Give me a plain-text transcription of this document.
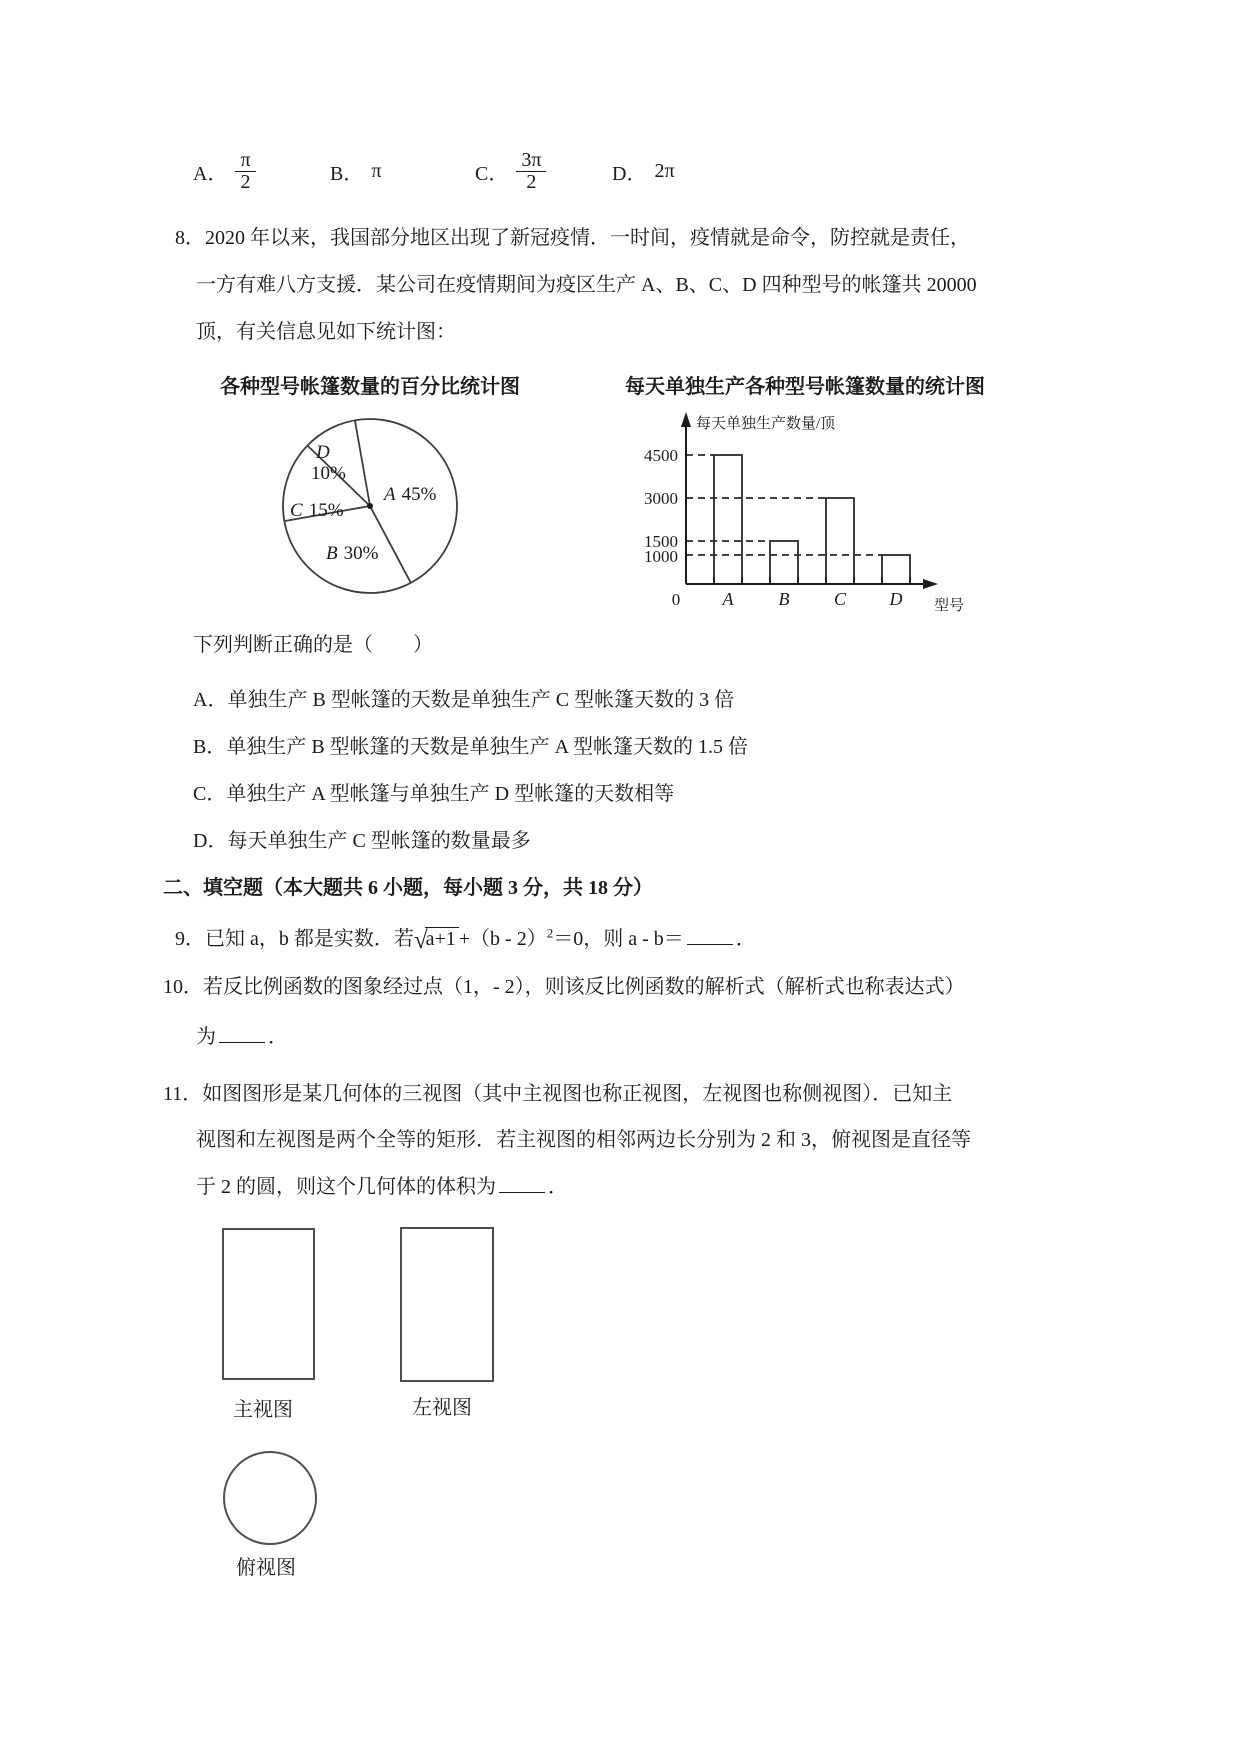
A． $\frac{\pi}{2}$	B． π	C． $\frac{3\pi}{2}$	D． 2π
8．2020 年以来，我国部分地区出现了新冠疫情．一时间，疫情就是命令，防控就是责任，
一方有难八方支援．某公司在疫情期间为疫区生产 A、B、C、D 四种型号的帐篷共 20000
顶，有关信息见如下统计图：
各种型号帐篷数量的百分比统计图
A 45%
B 30%
C 15%
D
10%
每天单独生产各种型号帐篷数量的统计图
每天单独生产数量/顶
4500
3000
1500
1000
0 A	B C D 型号
下列判断正确的是（　　）
A．单独生产 B 型帐篷的天数是单独生产 C 型帐篷天数的 3 倍
B．单独生产 B 型帐篷的天数是单独生产 A 型帐篷天数的 1.5 倍
C．单独生产 A 型帐篷与单独生产 D 型帐篷的天数相等
D．每天单独生产 C 型帐篷的数量最多
二、填空题（本大题共 6 小题，每小题 3 分，共 18 分）
9．已知 a，b 都是实数．若√a+1 +（b - 2）$^2$＝0，则 a - b＝	．
10．若反比例函数的图象经过点（1，- 2），则该反比例函数的解析式（解析式也称表达式）
为	．
11．如图图形是某几何体的三视图（其中主视图也称正视图，左视图也称侧视图）．已知主
视图和左视图是两个全等的矩形．若主视图的相邻两边长分别为 2 和 3，俯视图是直径等
于 2 的圆，则这个几何体的体积为	．
主视图	左视图
俯视图
